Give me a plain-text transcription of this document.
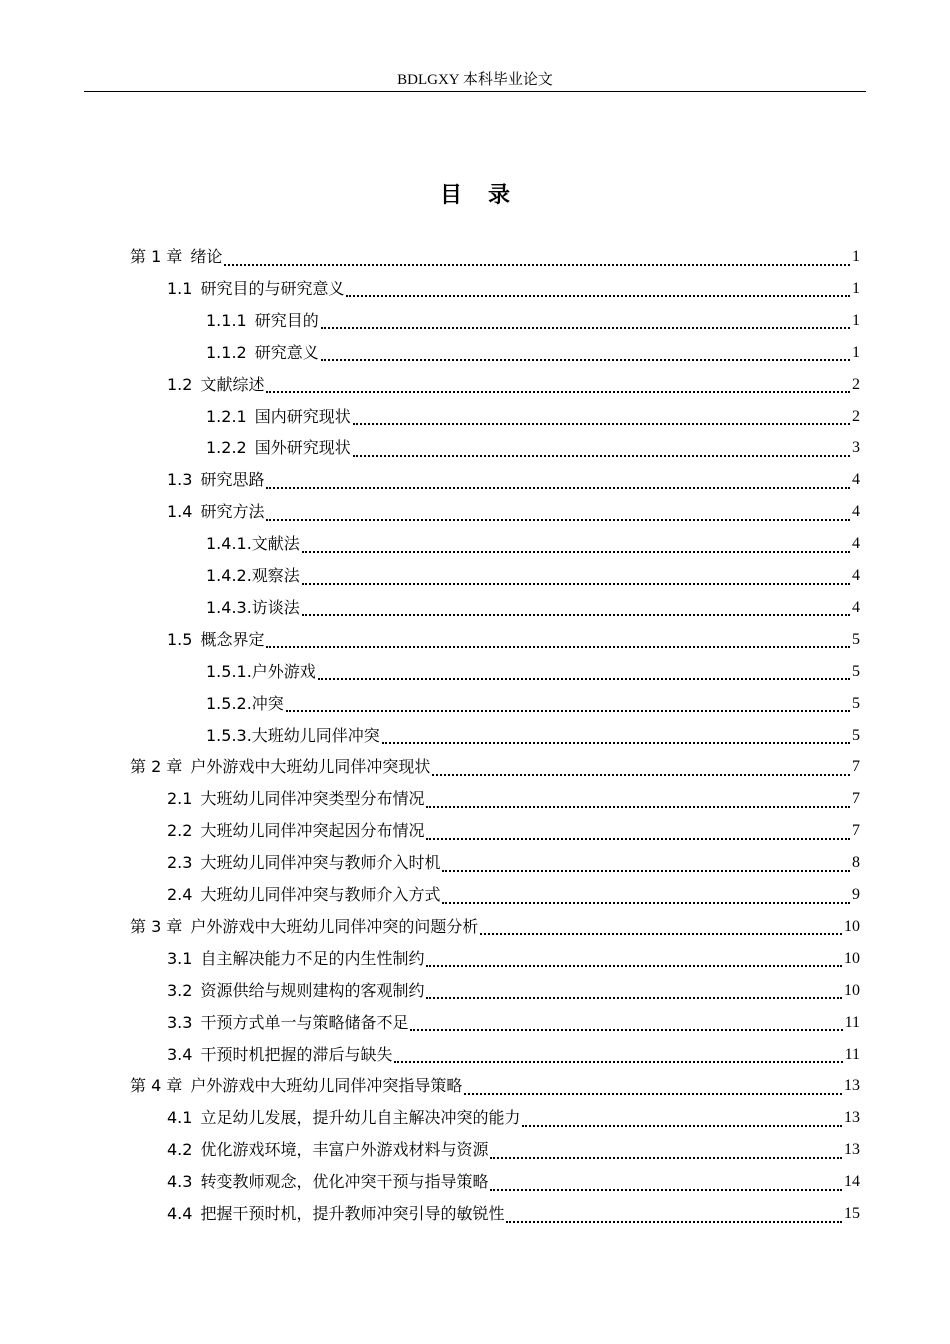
BDLGXY 本科毕业论文
目录
第 1 章 绪论	1
1.1 研究目的与研究意义	1
1.1.1 研究目的	1
1.1.2 研究意义	1
1.2 文献综述	2
1.2.1 国内研究现状	2
1.2.2 国外研究现状	3
1.3 研究思路	4
1.4 研究方法	4
1.4.1.文献法	4
1.4.2.观察法	4
1.4.3.访谈法	4
1.5 概念界定	5
1.5.1.户外游戏	5
1.5.2.冲突	5
1.5.3.大班幼儿同伴冲突	5
第 2 章 户外游戏中大班幼儿同伴冲突现状	7
2.1 大班幼儿同伴冲突类型分布情况	7
2.2 大班幼儿同伴冲突起因分布情况	7
2.3 大班幼儿同伴冲突与教师介入时机	8
2.4 大班幼儿同伴冲突与教师介入方式	9
第 3 章 户外游戏中大班幼儿同伴冲突的问题分析	10
3.1 自主解决能力不足的内生性制约	10
3.2 资源供给与规则建构的客观制约	10
3.3 干预方式单一与策略储备不足	11
3.4 干预时机把握的滞后与缺失	11
第 4 章 户外游戏中大班幼儿同伴冲突指导策略	13
4.1 立足幼儿发展，提升幼儿自主解决冲突的能力	13
4.2 优化游戏环境，丰富户外游戏材料与资源	13
4.3 转变教师观念，优化冲突干预与指导策略	14
4.4 把握干预时机，提升教师冲突引导的敏锐性	15
